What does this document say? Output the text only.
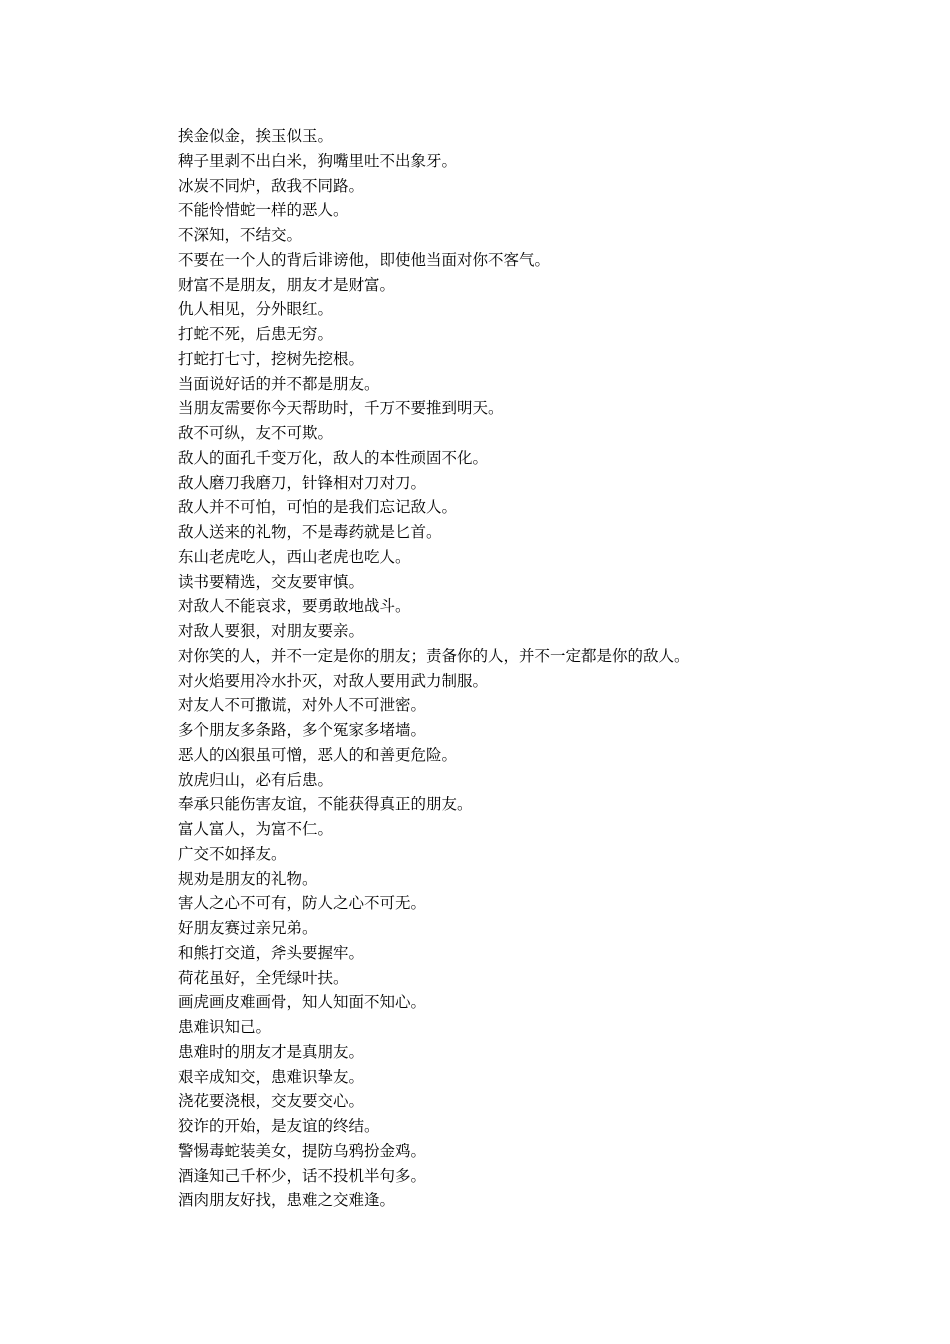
挨金似金，挨玉似玉。
稗子里剥不出白米，狗嘴里吐不出象牙。
冰炭不同炉，敌我不同路。
不能怜惜蛇一样的恶人。
不深知，不结交。
不要在一个人的背后诽谤他，即使他当面对你不客气。
财富不是朋友，朋友才是财富。
仇人相见，分外眼红。
打蛇不死，后患无穷。
打蛇打七寸，挖树先挖根。
当面说好话的并不都是朋友。
当朋友需要你今天帮助时，千万不要推到明天。
敌不可纵，友不可欺。
敌人的面孔千变万化，敌人的本性顽固不化。
敌人磨刀我磨刀，针锋相对刀对刀。
敌人并不可怕，可怕的是我们忘记敌人。
敌人送来的礼物，不是毒药就是匕首。
东山老虎吃人，西山老虎也吃人。
读书要精选，交友要审慎。
对敌人不能哀求，要勇敢地战斗。
对敌人要狠，对朋友要亲。
对你笑的人，并不一定是你的朋友；责备你的人，并不一定都是你的敌人。
对火焰要用冷水扑灭，对敌人要用武力制服。
对友人不可撒谎，对外人不可泄密。
多个朋友多条路，多个冤家多堵墙。
恶人的凶狠虽可憎，恶人的和善更危险。
放虎归山，必有后患。
奉承只能伤害友谊，不能获得真正的朋友。
富人富人，为富不仁。
广交不如择友。
规劝是朋友的礼物。
害人之心不可有，防人之心不可无。
好朋友赛过亲兄弟。
和熊打交道，斧头要握牢。
荷花虽好，全凭绿叶扶。
画虎画皮难画骨，知人知面不知心。
患难识知己。
患难时的朋友才是真朋友。
艰辛成知交，患难识挚友。
浇花要浇根，交友要交心。
狡诈的开始，是友谊的终结。
警惕毒蛇装美女，提防乌鸦扮金鸡。
酒逢知己千杯少，话不投机半句多。
酒肉朋友好找，患难之交难逢。
